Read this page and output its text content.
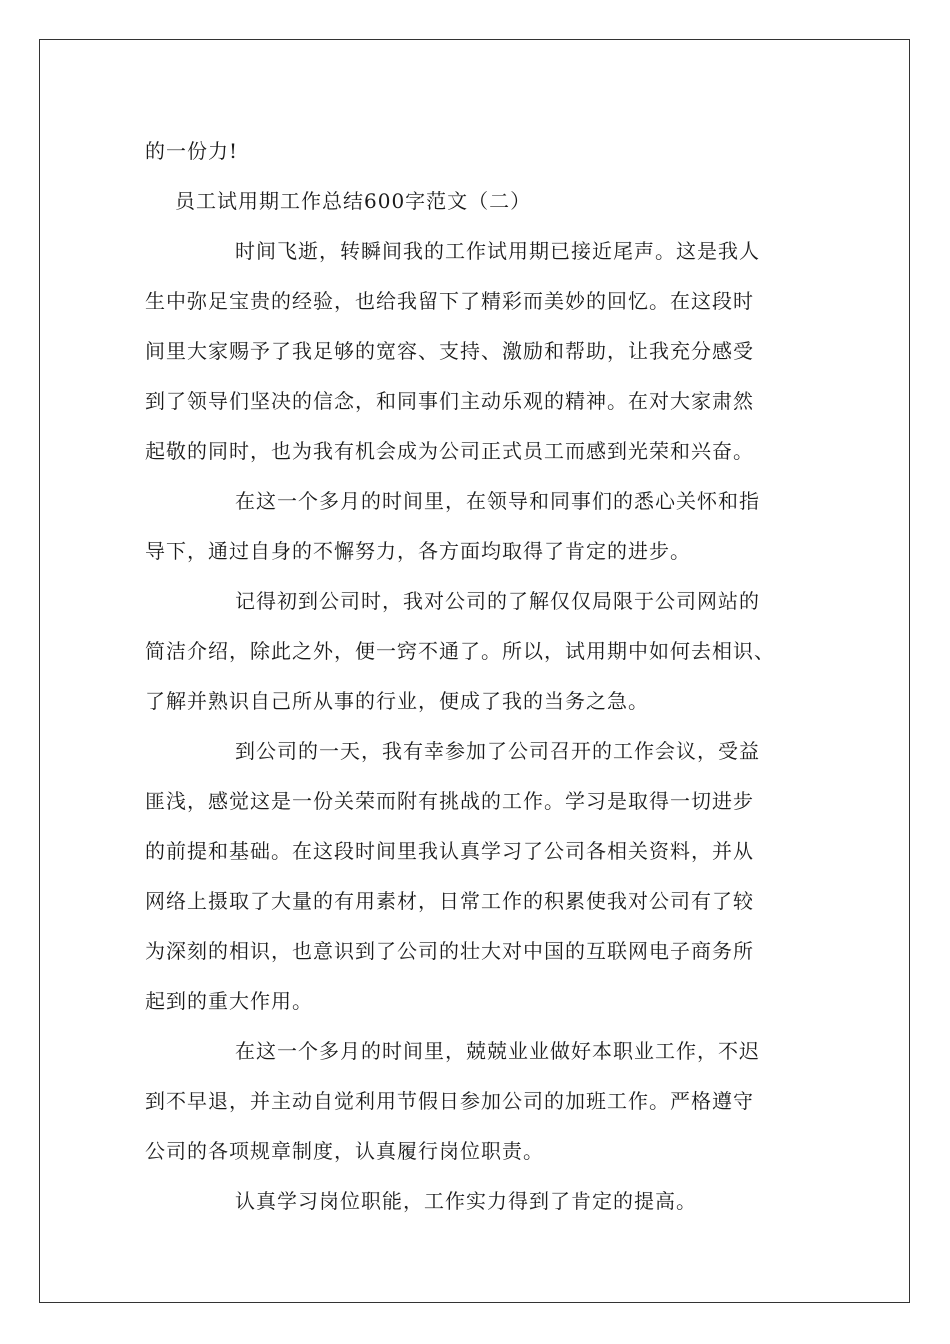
的一份力!
员工试用期工作总结600字范文（二）
时间飞逝，转瞬间我的工作试用期已接近尾声。这是我人
生中弥足宝贵的经验，也给我留下了精彩而美妙的回忆。在这段时
间里大家赐予了我足够的宽容、支持、激励和帮助，让我充分感受
到了领导们坚决的信念，和同事们主动乐观的精神。在对大家肃然
起敬的同时，也为我有机会成为公司正式员工而感到光荣和兴奋。
在这一个多月的时间里，在领导和同事们的悉心关怀和指
导下，通过自身的不懈努力，各方面均取得了肯定的进步。
记得初到公司时，我对公司的了解仅仅局限于公司网站的
简洁介绍，除此之外，便一窍不通了。所以，试用期中如何去相识、
了解并熟识自己所从事的行业，便成了我的当务之急。
到公司的一天，我有幸参加了公司召开的工作会议，受益
匪浅，感觉这是一份关荣而附有挑战的工作。学习是取得一切进步
的前提和基础。在这段时间里我认真学习了公司各相关资料，并从
网络上摄取了大量的有用素材，日常工作的积累使我对公司有了较
为深刻的相识，也意识到了公司的壮大对中国的互联网电子商务所
起到的重大作用。
在这一个多月的时间里，兢兢业业做好本职业工作，不迟
到不早退，并主动自觉利用节假日参加公司的加班工作。严格遵守
公司的各项规章制度，认真履行岗位职责。
认真学习岗位职能，工作实力得到了肯定的提高。
